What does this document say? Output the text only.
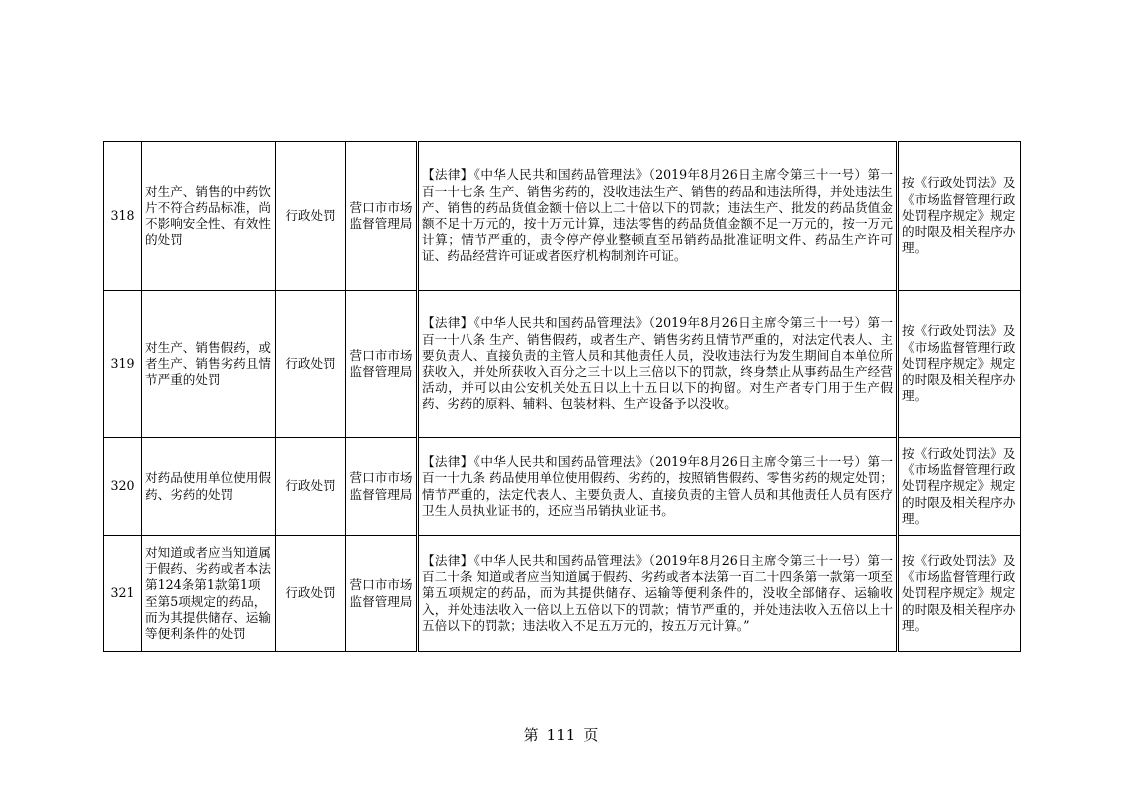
318	对生产、销售的中药饮片不符合药品标准，尚不影响安全性、有效性的处罚	行政处罚	营口市市场监督管理局	【法律】《中华人民共和国药品管理法》（2019年8月26日主席令第三十一号）第一百一十七条 生产、销售劣药的，没收违法生产、销售的药品和违法所得，并处违法生产、销售的药品货值金额十倍以上二十倍以下的罚款；违法生产、批发的药品货值金额不足十万元的，按十万元计算，违法零售的药品货值金额不足一万元的，按一万元计算；情节严重的，责令停产停业整顿直至吊销药品批准证明文件、药品生产许可证、药品经营许可证或者医疗机构制剂许可证。	按《行政处罚法》及《市场监督管理行政处罚程序规定》规定的时限及相关程序办理。
319	对生产、销售假药，或者生产、销售劣药且情节严重的处罚	行政处罚	营口市市场监督管理局	【法律】《中华人民共和国药品管理法》（2019年8月26日主席令第三十一号）第一百一十八条 生产、销售假药，或者生产、销售劣药且情节严重的，对法定代表人、主要负责人、直接负责的主管人员和其他责任人员，没收违法行为发生期间自本单位所获收入，并处所获收入百分之三十以上三倍以下的罚款，终身禁止从事药品生产经营活动，并可以由公安机关处五日以上十五日以下的拘留。对生产者专门用于生产假药、劣药的原料、辅料、包装材料、生产设备予以没收。	按《行政处罚法》及《市场监督管理行政处罚程序规定》规定的时限及相关程序办理。
320	对药品使用单位使用假药、劣药的处罚	行政处罚	营口市市场监督管理局	【法律】《中华人民共和国药品管理法》（2019年8月26日主席令第三十一号）第一百一十九条 药品使用单位使用假药、劣药的，按照销售假药、零售劣药的规定处罚；情节严重的，法定代表人、主要负责人、直接负责的主管人员和其他责任人员有医疗卫生人员执业证书的，还应当吊销执业证书。	按《行政处罚法》及《市场监督管理行政处罚程序规定》规定的时限及相关程序办理。
321	对知道或者应当知道属于假药、劣药或者本法第124条第1款第1项至第5项规定的药品，而为其提供储存、运输等便利条件的处罚	行政处罚	营口市市场监督管理局	【法律】《中华人民共和国药品管理法》（2019年8月26日主席令第三十一号）第一百二十条 知道或者应当知道属于假药、劣药或者本法第一百二十四条第一款第一项至第五项规定的药品，而为其提供储存、运输等便利条件的，没收全部储存、运输收入，并处违法收入一倍以上五倍以下的罚款；情节严重的，并处违法收入五倍以上十五倍以下的罚款；违法收入不足五万元的，按五万元计算。”	按《行政处罚法》及《市场监督管理行政处罚程序规定》规定的时限及相关程序办理。
第 111 页
